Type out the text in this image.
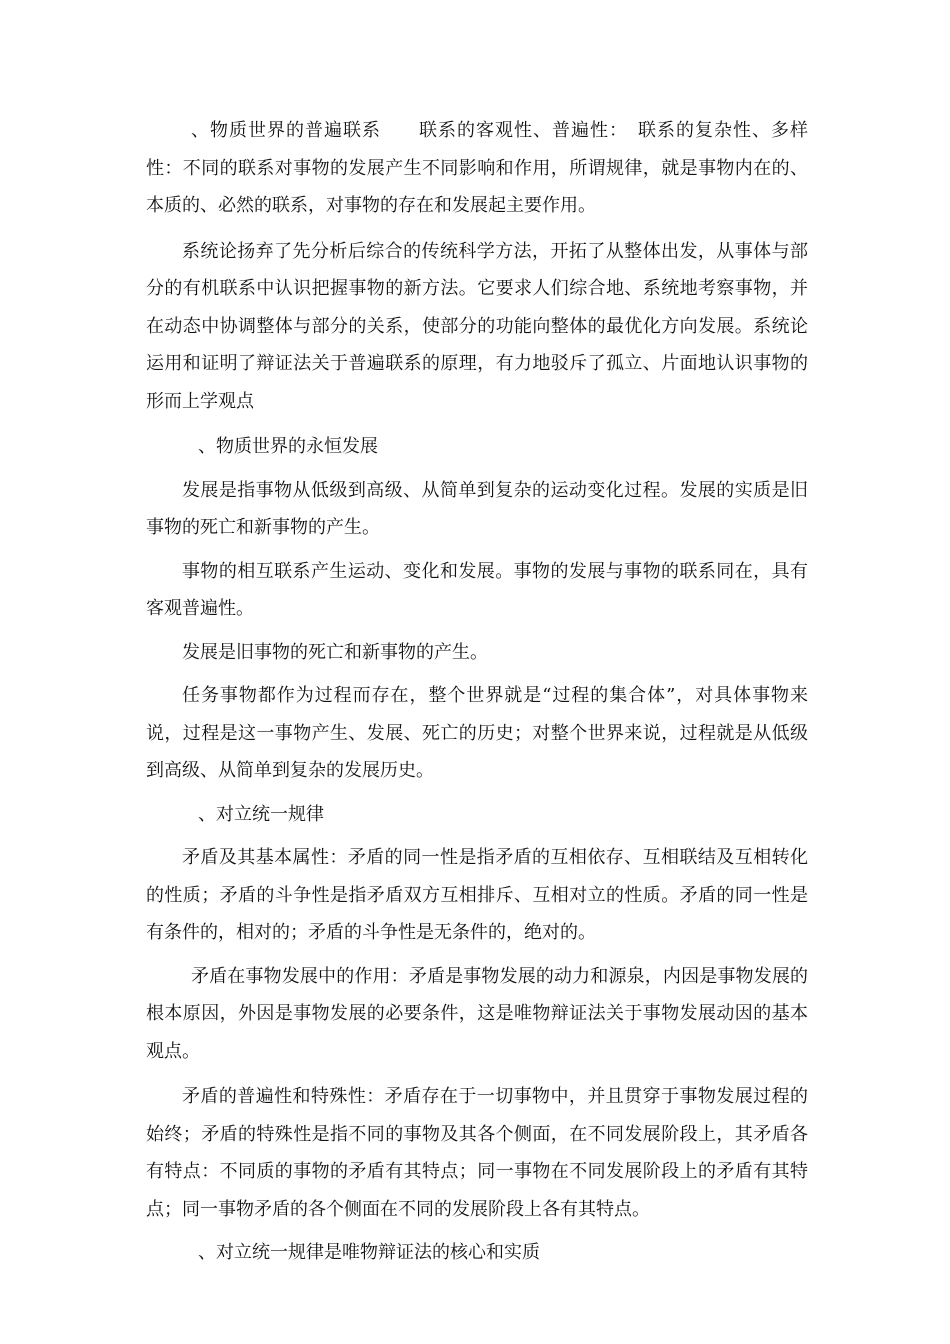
、物质世界的普遍联系　　联系的客观性、普遍性：　联系的复杂性、多样性：不同的联系对事物的发展产生不同影响和作用，所谓规律，就是事物内在的、本质的、必然的联系，对事物的存在和发展起主要作用。

系统论扬弃了先分析后综合的传统科学方法，开拓了从整体出发，从事体与部分的有机联系中认识把握事物的新方法。它要求人们综合地、系统地考察事物，并在动态中协调整体与部分的关系，使部分的功能向整体的最优化方向发展。系统论运用和证明了辩证法关于普遍联系的原理，有力地驳斥了孤立、片面地认识事物的形而上学观点

、物质世界的永恒发展

发展是指事物从低级到高级、从简单到复杂的运动变化过程。发展的实质是旧事物的死亡和新事物的产生。

事物的相互联系产生运动、变化和发展。事物的发展与事物的联系同在，具有客观普遍性。

发展是旧事物的死亡和新事物的产生。

任务事物都作为过程而存在，整个世界就是“过程的集合体”，对具体事物来说，过程是这一事物产生、发展、死亡的历史；对整个世界来说，过程就是从低级到高级、从简单到复杂的发展历史。

、对立统一规律

矛盾及其基本属性：矛盾的同一性是指矛盾的互相依存、互相联结及互相转化的性质；矛盾的斗争性是指矛盾双方互相排斥、互相对立的性质。矛盾的同一性是有条件的，相对的；矛盾的斗争性是无条件的，绝对的。

矛盾在事物发展中的作用：矛盾是事物发展的动力和源泉，内因是事物发展的根本原因，外因是事物发展的必要条件，这是唯物辩证法关于事物发展动因的基本观点。

矛盾的普遍性和特殊性：矛盾存在于一切事物中，并且贯穿于事物发展过程的始终；矛盾的特殊性是指不同的事物及其各个侧面，在不同发展阶段上，其矛盾各有特点：不同质的事物的矛盾有其特点；同一事物在不同发展阶段上的矛盾有其特点；同一事物矛盾的各个侧面在不同的发展阶段上各有其特点。

、对立统一规律是唯物辩证法的核心和实质
